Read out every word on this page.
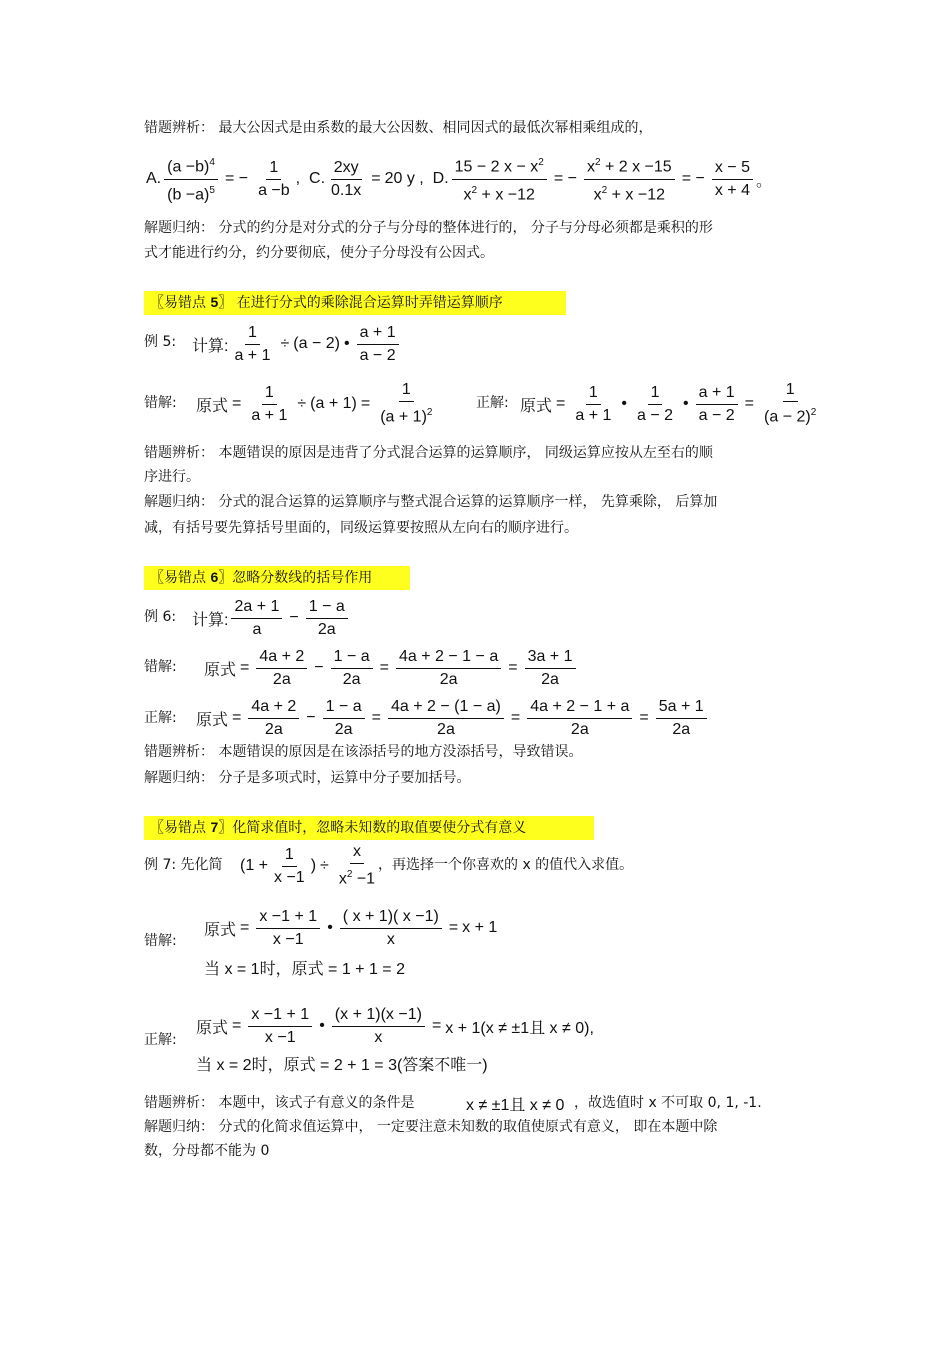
错题辨析： 最大公因式是由系数的最大公因数、相同因式的最低次幂相乘组成的，
A. $\frac{(a -b)^4}{(b -a)^5}$ = − $\frac{1}{a -b}$ ,  C. $\frac{2xy}{0.1x} = 20$ y ,  D. $\frac{15 - 2 x - x^2}{x^2 + x -12}$ = − $\frac{x^2 + 2 x -15}{x^2 + x -12}$ = − $\frac{x - 5}{x + 4}$ 。
解题归纳： 分式的约分是对分式的分子与分母的整体进行的， 分子与分母必须都是乘积的形
式才能进行约分，约分要彻底，使分子分母没有公因式。
〖易错点 5〗 在进行分式的乘除混合运算时弄错运算顺序
例 5: 计算: $\frac{1}{a + 1} \div (a - 2)$ •
a + 1
a − 2
错解: 原式 = $\frac{1}{a + 1} \div (a + 1) = \frac{1}{(a + 1)^2}$	正解: 原式 = $\frac{1}{a + 1}$ •
1
a − 2
• $\frac{a + 1}{a - 2} = \frac{1}{(a - 2)^2}$
错题辨析： 本题错误的原因是违背了分式混合运算的运算顺序， 同级运算应按从左至右的顺
序进行。
解题归纳： 分式的混合运算的运算顺序与整式混合运算的运算顺序一样， 先算乘除， 后算加
减，有括号要先算括号里面的，同级运算要按照从左向右的顺序进行。
〖易错点 6〗忽略分数线的括号作用
例 6: 计算:
2a + 1
a
− $\frac{1 - a}{2a}$
错解: 原式 = $\frac{4a + 2}{2a} - \frac{1 - a}{2a} = \frac{4a + 2 - 1 - a}{2a} = \frac{3a + 1}{2a}$
正解: 原式 = $\frac{4a + 2}{2a} - \frac{1 - a}{2a} = \frac{4a + 2 - (1 - a)}{2a} = \frac{4a + 2 - 1 + a}{2a} = \frac{5a + 1}{2a}$
错题辨析： 本题错误的原因是在该添括号的地方没添括号，导致错误。
解题归纳： 分子是多项式时，运算中分子要加括号。
〖易错点 7〗化简求值时，忽略未知数的取值要使分式有意义
例 7: 先化简 ($1 + \frac{1}{x -1}$ ) ÷ $\frac{x}{x^2 -1}$ ，再选择一个你喜欢的 x 的值代入求值。
错解:
原式 = $\frac{x -1 + 1}{x -1}$ • $\frac{( x + 1)( x -1)}{x} = x + 1$
当 x = 1时，原式 = 1 + 1 = 2
正解:
原式 = $\frac{x -1 + 1}{x -1}$ • $\frac{(x + 1)(x -1)}{x} = x + 1(x \ne \pm 1$且 x ≠ 0),
当 x = 2时，原式 = 2 + 1 = 3(答案不唯一)
错题辨析： 本题中，该式子有意义的条件是	x ≠ ±1且 x ≠ 0 ，故选值时 x 不可取 0, 1, -1.
解题归纳： 分式的化简求值运算中， 一定要注意未知数的取值使原式有意义， 即在本题中除
数，分母都不能为 0
